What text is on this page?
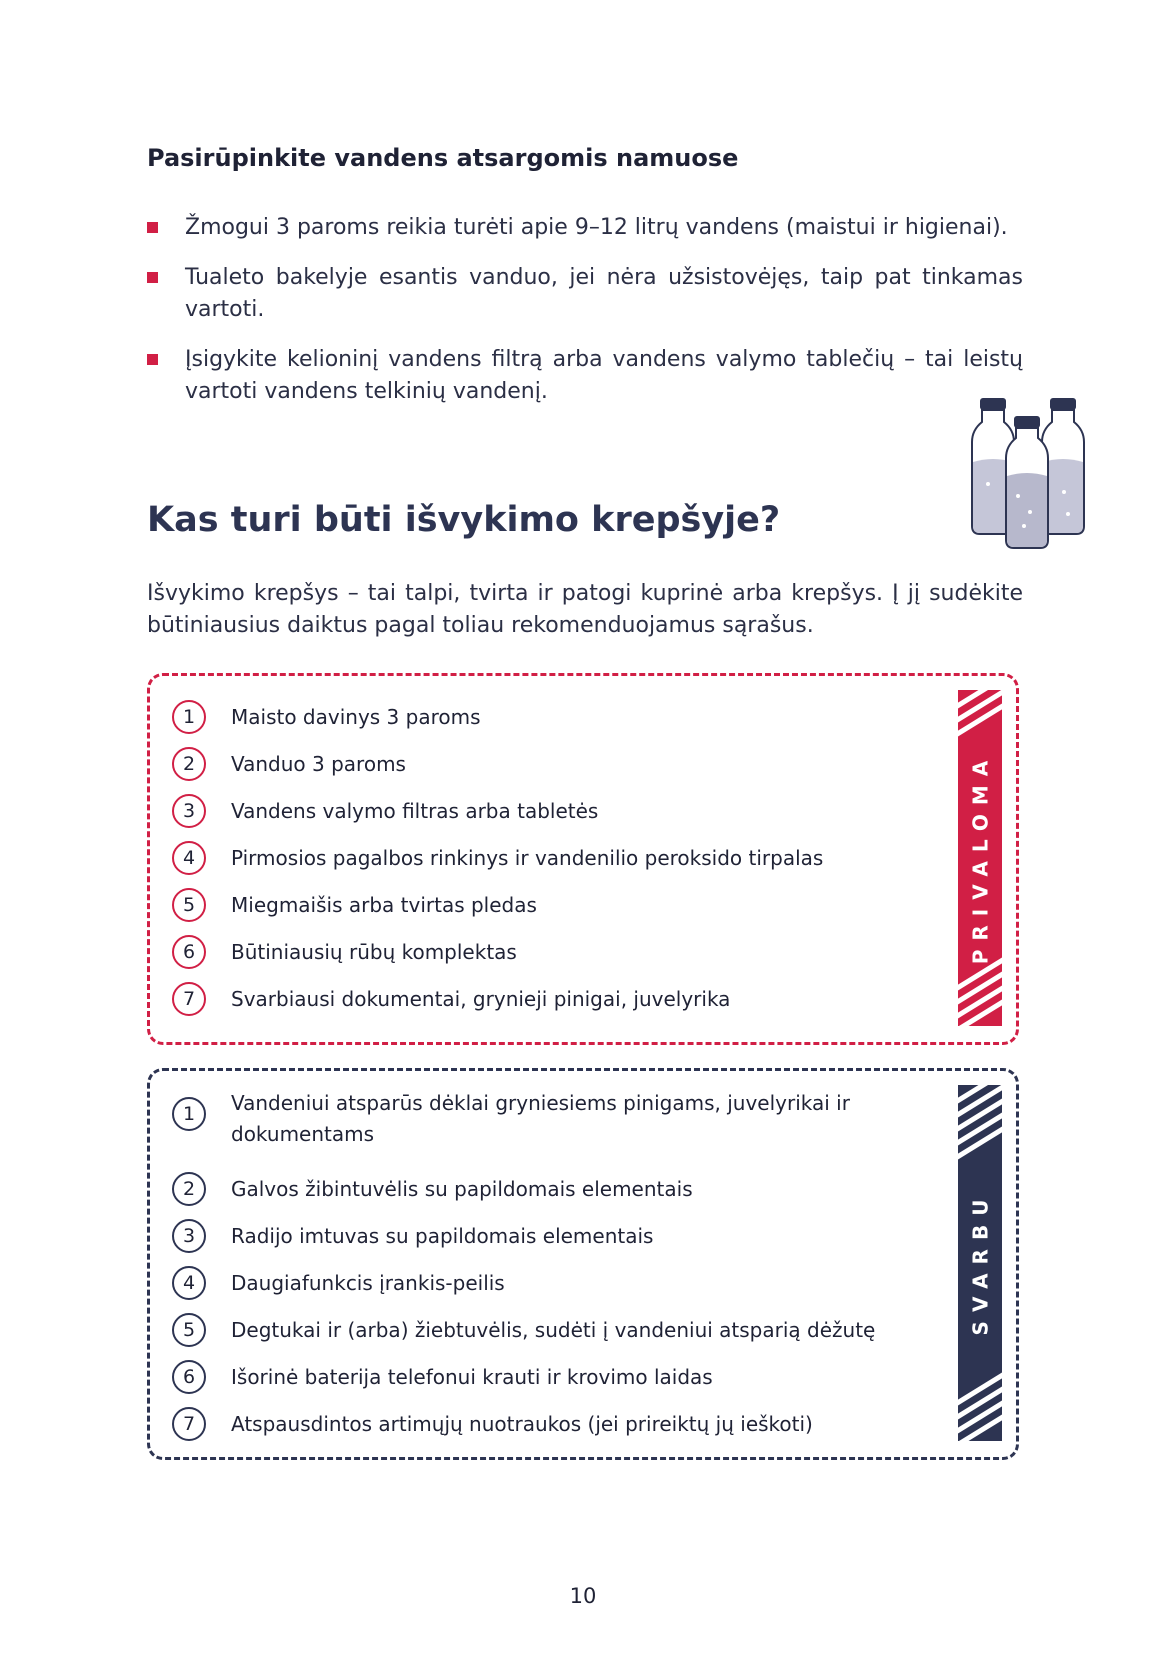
Pasirūpinkite vandens atsargomis namuose
Žmogui 3 paroms reikia turėti apie 9–12 litrų vandens (maistui ir higienai).
Tualeto bakelyje esantis vanduo, jei nėra užsistovėjęs, taip pat tinkamas vartoti.
Įsigykite kelioninį vandens filtrą arba vandens valymo tablečių – tai leistų vartoti vandens telkinių vandenį.
Kas turi būti išvykimo krepšyje?

Išvykimo krepšys – tai talpi, tvirta ir patogi kuprinė arba krepšys. Į jį sudėkite būtiniausius daiktus pagal toliau rekomenduojamus sąrašus.

1	Maisto davinys 3 paroms
2	Vanduo 3 paroms
3	Vandens valymo filtras arba tabletės
4	Pirmosios pagalbos rinkinys ir vandenilio peroksido tirpalas
5	Miegmaišis arba tvirtas pledas
6	Būtiniausių rūbų komplektas
7	Svarbiausi dokumentai, grynieji pinigai, juvelyrika
PRIVALOMA
1	Vandeniui atsparūs dėklai gryniesiems pinigams, juvelyrikai ir dokumentams
2	Galvos žibintuvėlis su papildomais elementais
3	Radijo imtuvas su papildomais elementais
4	Daugiafunkcis įrankis-peilis
5	Degtukai ir (arba) žiebtuvėlis, sudėti į vandeniui atsparią dėžutę
6	Išorinė baterija telefonui krauti ir krovimo laidas
7	Atspausdintos artimųjų nuotraukos (jei prireiktų jų ieškoti)
SVARBU
10
